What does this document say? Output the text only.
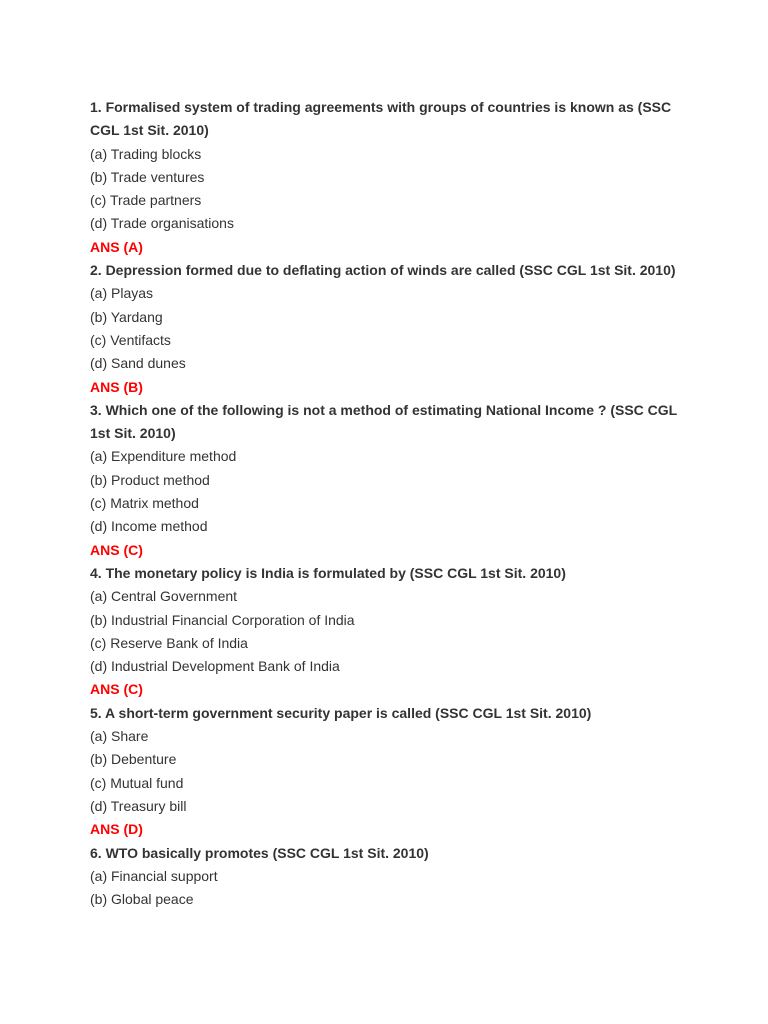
1. Formalised system of trading agreements with groups of countries is known as (SSC CGL 1st Sit. 2010)

(a) Trading blocks

(b) Trade ventures

(c) Trade partners

(d) Trade organisations

ANS (A)

2. Depression formed due to deflating action of winds are called (SSC CGL 1st Sit. 2010)

(a) Playas

(b) Yardang

(c) Ventifacts

(d) Sand dunes

ANS (B)

3. Which one of the following is not a method of estimating National Income ? (SSC CGL 1st Sit. 2010)

(a) Expenditure method

(b) Product method

(c) Matrix method

(d) Income method

ANS (C)

4. The monetary policy is India is formulated by (SSC CGL 1st Sit. 2010)

(a) Central Government

(b) Industrial Financial Corporation of India

(c) Reserve Bank of India

(d) Industrial Development Bank of India

ANS (C)

5. A short-term government security paper is called (SSC CGL 1st Sit. 2010)

(a) Share

(b) Debenture

(c) Mutual fund

(d) Treasury bill

ANS (D)

6. WTO basically promotes (SSC CGL 1st Sit. 2010)

(a) Financial support

(b) Global peace
